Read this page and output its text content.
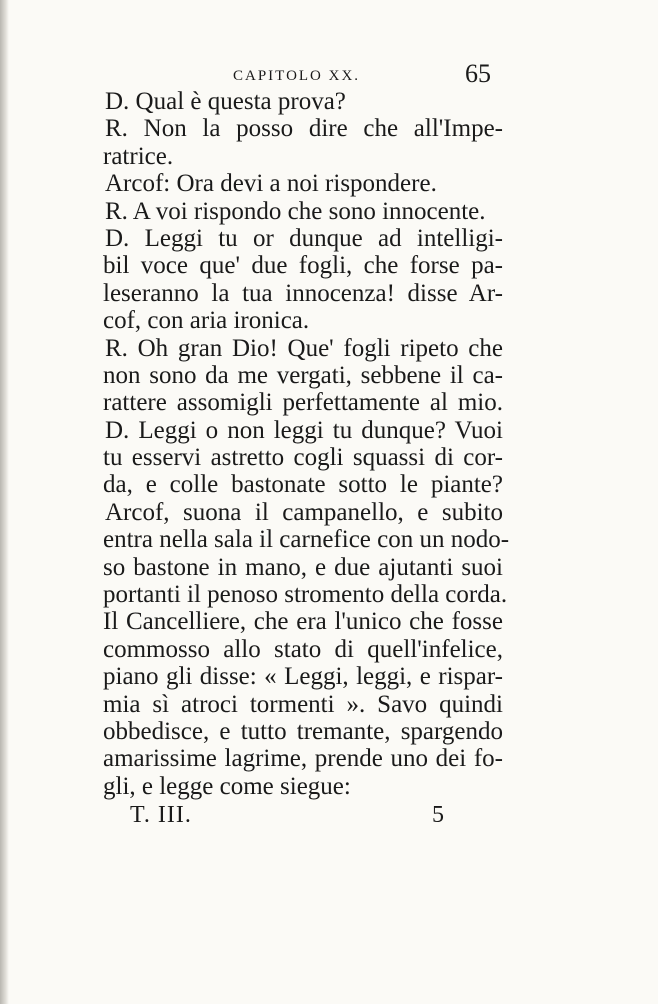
CAPITOLO XX.	65
D. Qual è questa prova?
R. Non la posso dire che all'Impe-
ratrice.
Arcof: Ora devi a noi rispondere.
R. A voi rispondo che sono innocente.
D. Leggi tu or dunque ad intelligi-
bil voce que' due fogli, che forse pa-
leseranno la tua innocenza! disse Ar-
cof, con aria ironica.
R. Oh gran Dio! Que' fogli ripeto che
non sono da me vergati, sebbene il ca-
rattere assomigli perfettamente al mio.
D. Leggi o non leggi tu dunque? Vuoi
tu esservi astretto cogli squassi di cor-
da, e colle bastonate sotto le piante?
Arcof, suona il campanello, e subito
entra nella sala il carnefice con un nodo-
so bastone in mano, e due ajutanti suoi
portanti il penoso stromento della corda.
Il Cancelliere, che era l'unico che fosse
commosso allo stato di quell'infelice,
piano gli disse: « Leggi, leggi, e rispar-
mia sì atroci tormenti ». Savo quindi
obbedisce, e tutto tremante, spargendo
amarissime lagrime, prende uno dei fo-
gli, e legge come siegue:
T. III.	5
